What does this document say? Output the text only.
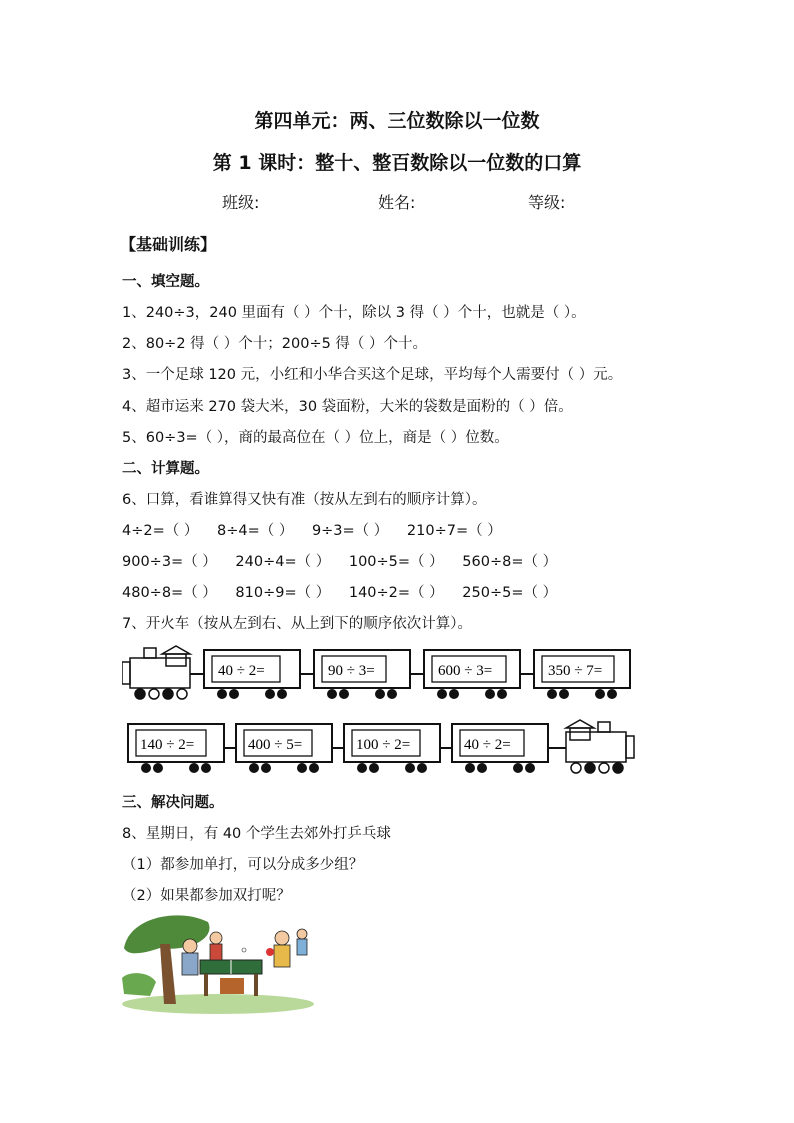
第四单元：两、三位数除以一位数
第 1 课时：整十、整百数除以一位数的口算
班级:	姓名:	等级:
【基础训练】
一、填空题。
1、240÷3，240 里面有（ ）个十，除以 3 得（ ）个十，也就是（ ）。
2、80÷2 得（ ）个十；200÷5 得（ ）个十。
3、一个足球 120 元，小红和小华合买这个足球，平均每个人需要付（ ）元。
4、超市运来 270 袋大米，30 袋面粉，大米的袋数是面粉的（ ）倍。
5、60÷3=（ ），商的最高位在（ ）位上，商是（ ）位数。
二、计算题。
6、口算，看谁算得又快有准（按从左到右的顺序计算）。
4÷2=（ ） 8÷4=（ ） 9÷3=（ ） 210÷7=（ ）
900÷3=（ ） 240÷4=（ ） 100÷5=（ ） 560÷8=（ ）
480÷8=（ ） 810÷9=（ ） 140÷2=（ ） 250÷5=（ ）
7、开火车（按从左到右、从上到下的顺序依次计算）。
40 ÷ 2=	90 ÷ 3=	600 ÷ 3=	350 ÷ 7=
140 ÷ 2=	400 ÷ 5=	100 ÷ 2=	40 ÷ 2=
三、解决问题。
8、星期日，有 40 个学生去郊外打乒乓球
（1）都参加单打，可以分成多少组？
（2）如果都参加双打呢？
